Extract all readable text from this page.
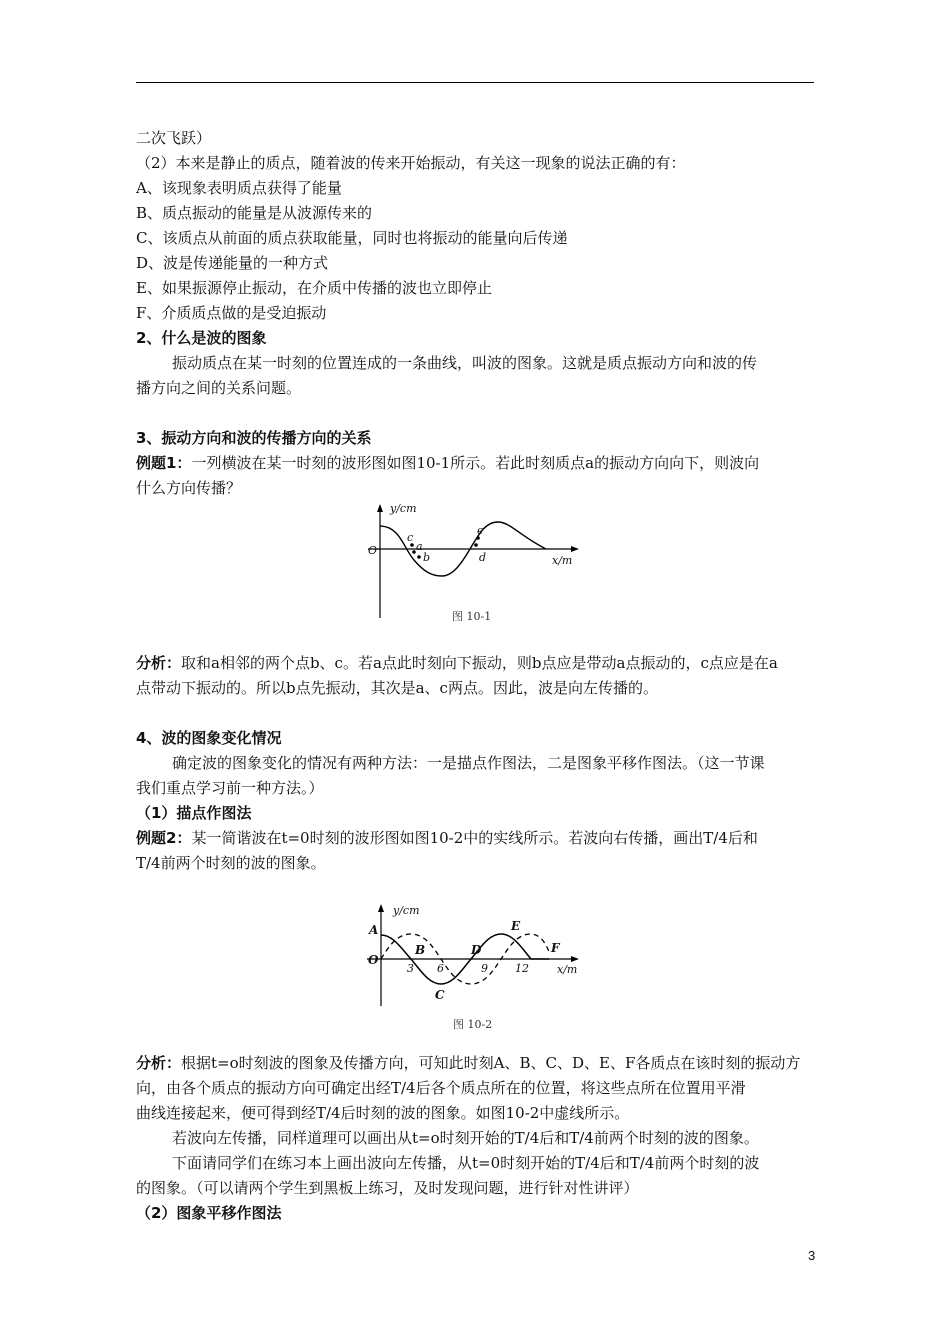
二次飞跃）
（2）本来是静止的质点，随着波的传来开始振动，有关这一现象的说法正确的有：
A、该现象表明质点获得了能量
B、质点振动的能量是从波源传来的
C、该质点从前面的质点获取能量，同时也将振动的能量向后传递
D、波是传递能量的一种方式
E、如果振源停止振动，在介质中传播的波也立即停止
F、介质质点做的是受迫振动
2、什么是波的图象
振动质点在某一时刻的位置连成的一条曲线，叫波的图象。这就是质点振动方向和波的传
播方向之间的关系问题。
3、振动方向和波的传播方向的关系
例题1：一列横波在某一时刻的波形图如图10-1所示。若此时刻质点a的振动方向向下，则波向
什么方向传播？
y/cm
x/m
O
c
a
b
e
d
图 10-1
分析：取和a相邻的两个点b、c。若a点此时刻向下振动，则b点应是带动a点振动的，c点应是在a
点带动下振动的。所以b点先振动，其次是a、c两点。因此，波是向左传播的。
4、波的图象变化情况
确定波的图象变化的情况有两种方法：一是描点作图法，二是图象平移作图法。（这一节课
我们重点学习前一种方法。）
（1）描点作图法
例题2：某一简谐波在t=0时刻的波形图如图10-2中的实线所示。若波向右传播，画出T/4后和
T/4前两个时刻的波的图象。
y/cm
x/m
O
A
B
C
D
E
F
3 6	9 12
图 10-2
分析：根据t=o时刻波的图象及传播方向，可知此时刻A、B、C、D、E、F各质点在该时刻的振动方
向，由各个质点的振动方向可确定出经T/4后各个质点所在的位置，将这些点所在位置用平滑
曲线连接起来，便可得到经T/4后时刻的波的图象。如图10-2中虚线所示。
若波向左传播，同样道理可以画出从t=o时刻开始的T/4后和T/4前两个时刻的波的图象。
下面请同学们在练习本上画出波向左传播，从t=0时刻开始的T/4后和T/4前两个时刻的波
的图象。（可以请两个学生到黑板上练习，及时发现问题，进行针对性讲评）
（2）图象平移作图法
3
